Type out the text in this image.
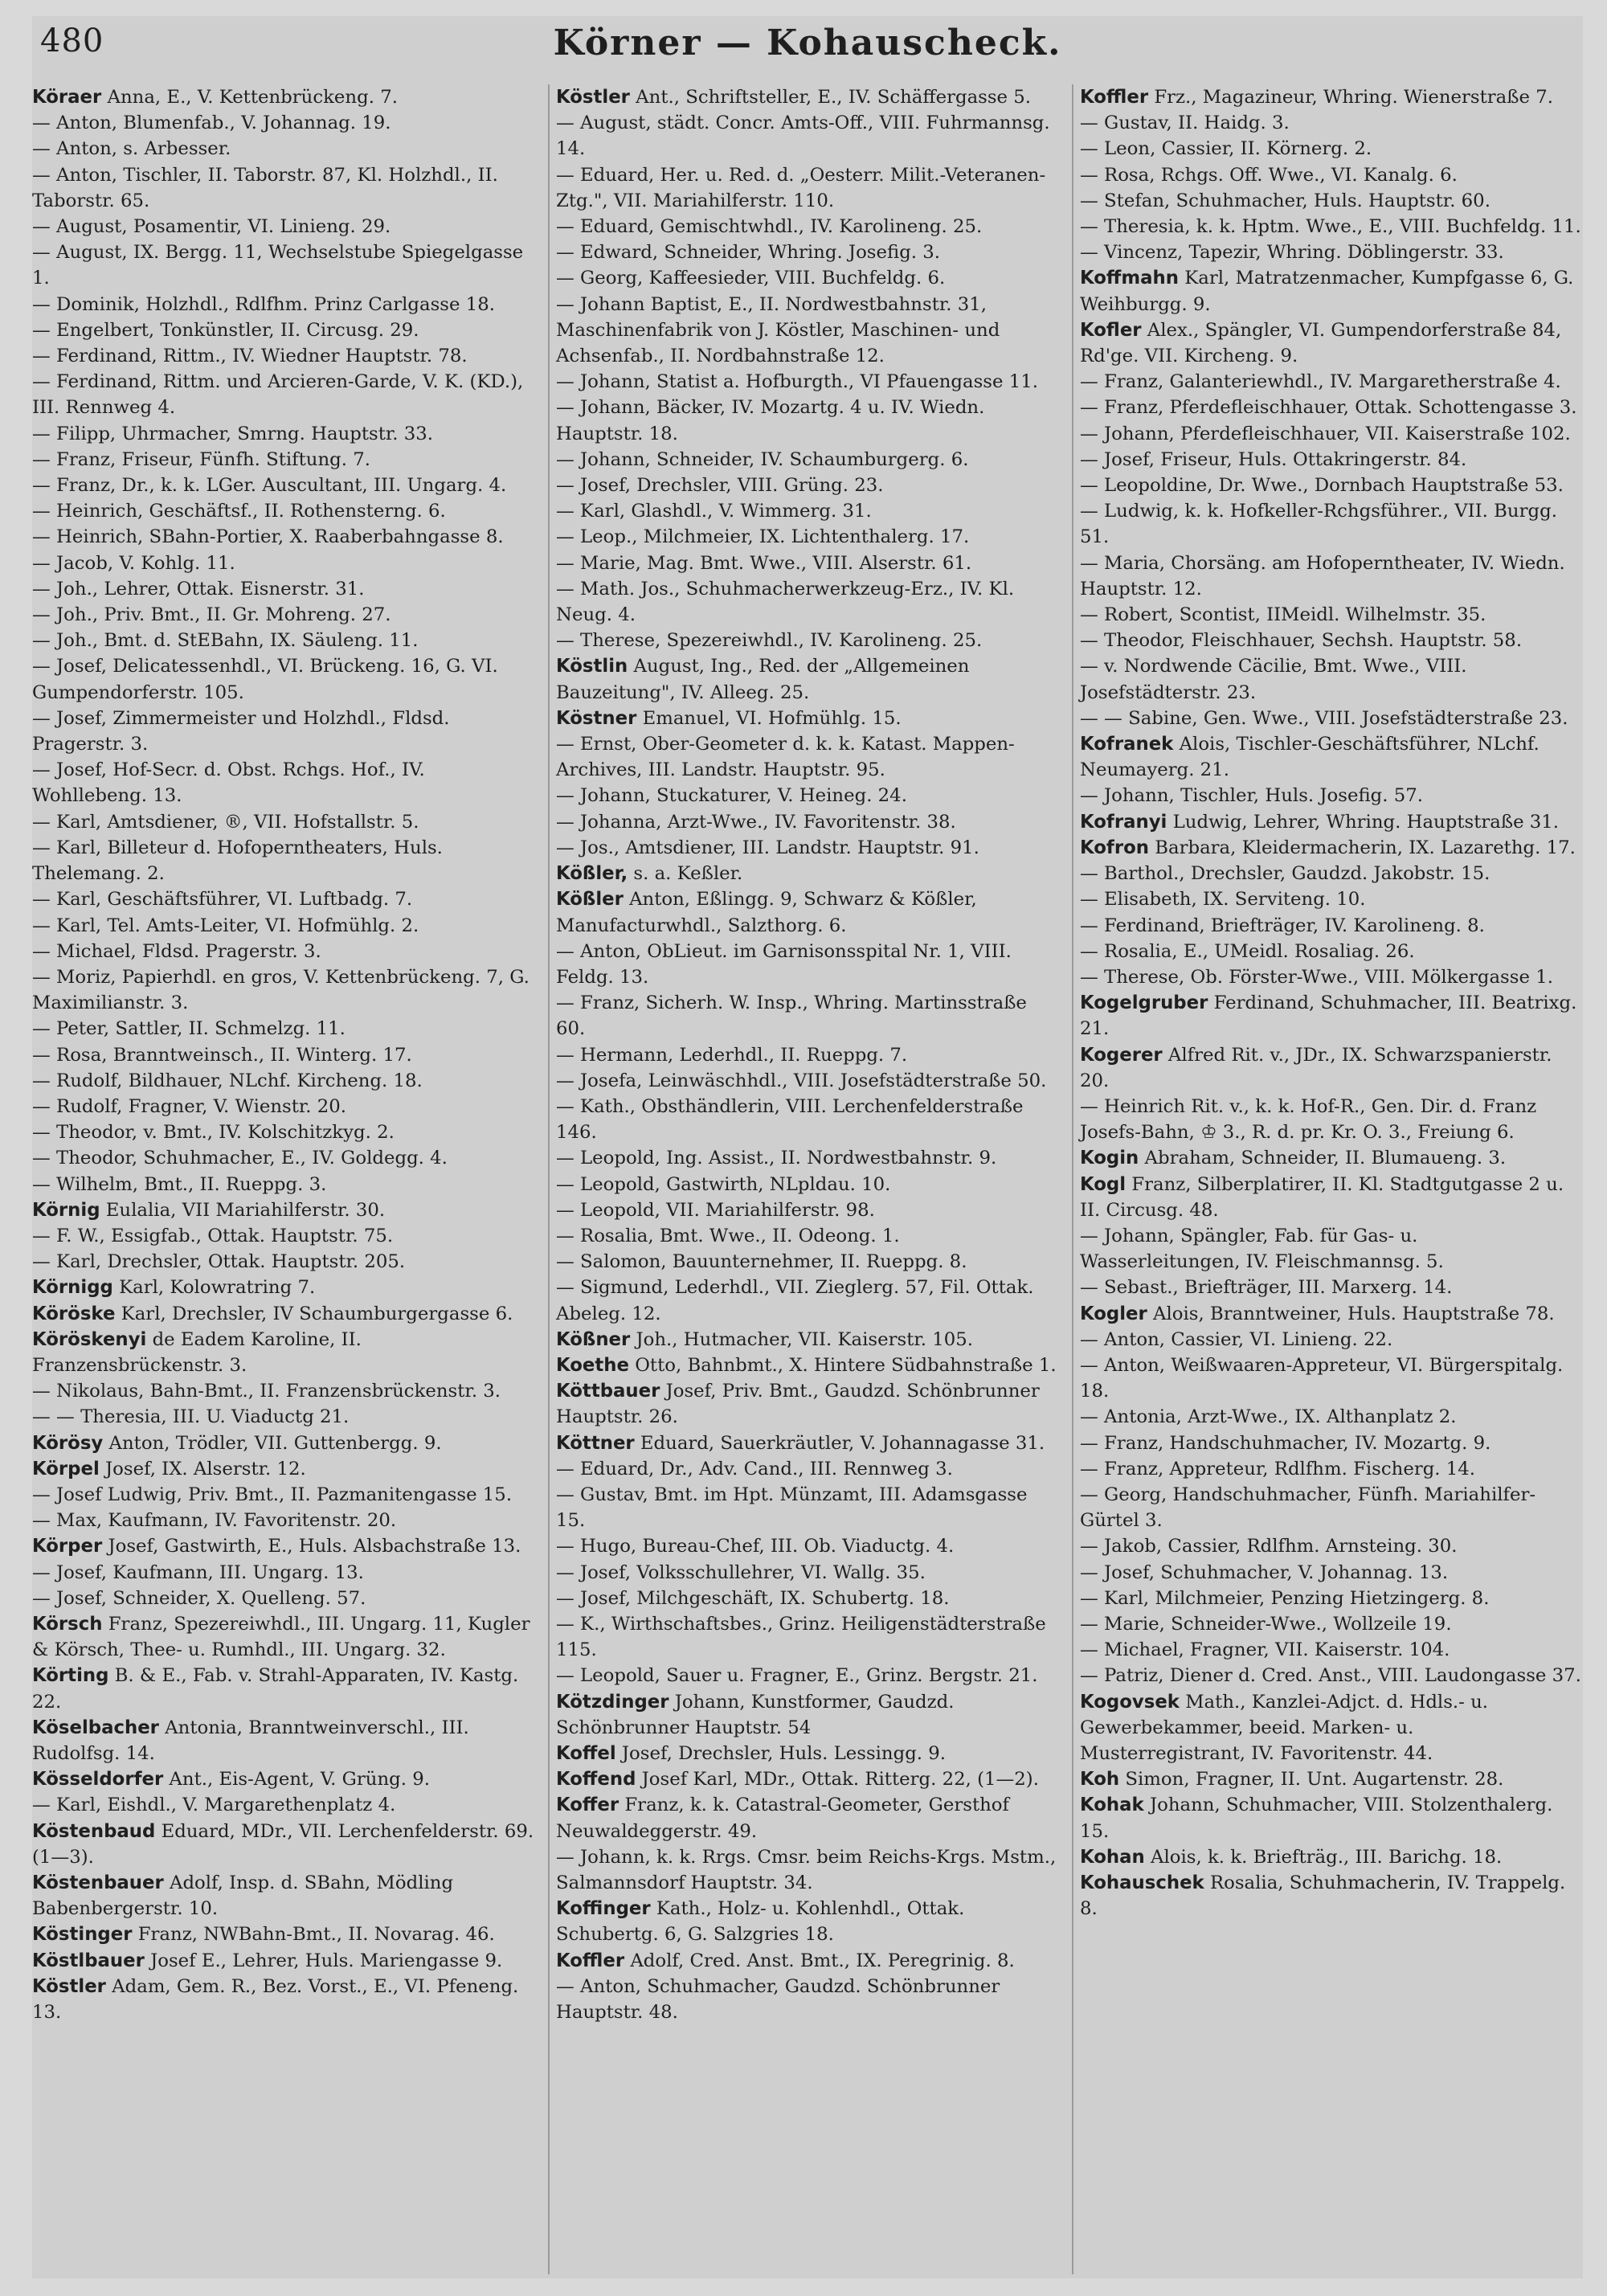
480	Körner — Kohauscheck.

Köraer Anna, E., V. Kettenbrückeng. 7.

— Anton, Blumenfab., V. Johannag. 19.

— Anton, s. Arbesser.

— Anton, Tischler, II. Taborstr. 87, Kl. Holzhdl., II. Taborstr. 65.

— August, Posamentir, VI. Linieng. 29.

— August, IX. Bergg. 11, Wechselstube Spiegelgasse 1.

— Dominik, Holzhdl., Rdlfhm. Prinz Carlgasse 18.

— Engelbert, Tonkünstler, II. Circusg. 29.

— Ferdinand, Rittm., IV. Wiedner Hauptstr. 78.

— Ferdinand, Rittm. und Arcieren-Garde, V. K. (KD.), III. Rennweg 4.

— Filipp, Uhrmacher, Smrng. Hauptstr. 33.

— Franz, Friseur, Fünfh. Stiftung. 7.

— Franz, Dr., k. k. LGer. Auscultant, III. Ungarg. 4.

— Heinrich, Geschäftsf., II. Rothensterng. 6.

— Heinrich, SBahn-Portier, X. Raaberbahngasse 8.

— Jacob, V. Kohlg. 11.

— Joh., Lehrer, Ottak. Eisnerstr. 31.

— Joh., Priv. Bmt., II. Gr. Mohreng. 27.

— Joh., Bmt. d. StEBahn, IX. Säuleng. 11.

— Josef, Delicatessenhdl., VI. Brückeng. 16, G. VI. Gumpendorferstr. 105.

— Josef, Zimmermeister und Holzhdl., Fldsd. Pragerstr. 3.

— Josef, Hof-Secr. d. Obst. Rchgs. Hof., IV. Wohllebeng. 13.

— Karl, Amtsdiener, ®, VII. Hofstallstr. 5.

— Karl, Billeteur d. Hofoperntheaters, Huls. Thelemang. 2.

— Karl, Geschäftsführer, VI. Luftbadg. 7.

— Karl, Tel. Amts-Leiter, VI. Hofmühlg. 2.

— Michael, Fldsd. Pragerstr. 3.

— Moriz, Papierhdl. en gros, V. Kettenbrückeng. 7, G. Maximilianstr. 3.

— Peter, Sattler, II. Schmelzg. 11.

— Rosa, Branntweinsch., II. Winterg. 17.

— Rudolf, Bildhauer, NLchf. Kircheng. 18.

— Rudolf, Fragner, V. Wienstr. 20.

— Theodor, v. Bmt., IV. Kolschitzkyg. 2.

— Theodor, Schuhmacher, E., IV. Goldegg. 4.

— Wilhelm, Bmt., II. Rueppg. 3.

Körnig Eulalia, VII Mariahilferstr. 30.

— F. W., Essigfab., Ottak. Hauptstr. 75.

— Karl, Drechsler, Ottak. Hauptstr. 205.

Körnigg Karl, Kolowratring 7.

Köröske Karl, Drechsler, IV Schaumburgergasse 6.

Köröskenyi de Eadem Karoline, II. Franzensbrückenstr. 3.

— Nikolaus, Bahn-Bmt., II. Franzensbrückenstr. 3.

— — Theresia, III. U. Viaductg 21.

Körösy Anton, Trödler, VII. Guttenbergg. 9.

Körpel Josef, IX. Alserstr. 12.

— Josef Ludwig, Priv. Bmt., II. Pazmanitengasse 15.

— Max, Kaufmann, IV. Favoritenstr. 20.

Körper Josef, Gastwirth, E., Huls. Alsbachstraße 13.

— Josef, Kaufmann, III. Ungarg. 13.

— Josef, Schneider, X. Quelleng. 57.

Körsch Franz, Spezereiwhdl., III. Ungarg. 11, Kugler & Körsch, Thee- u. Rumhdl., III. Ungarg. 32.

Körting B. & E., Fab. v. Strahl-Apparaten, IV. Kastg. 22.

Köselbacher Antonia, Branntweinverschl., III. Rudolfsg. 14.

Kösseldorfer Ant., Eis-Agent, V. Grüng. 9.

— Karl, Eishdl., V. Margarethenplatz 4.

Köstenbaud Eduard, MDr., VII. Lerchenfelderstr. 69. (1—3).

Köstenbauer Adolf, Insp. d. SBahn, Mödling Babenbergerstr. 10.

Köstinger Franz, NWBahn-Bmt., II. Novarag. 46.

Köstlbauer Josef E., Lehrer, Huls. Mariengasse 9.

Köstler Adam, Gem. R., Bez. Vorst., E., VI. Pfeneng. 13.

Köstler Ant., Schriftsteller, E., IV. Schäffergasse 5.

— August, städt. Concr. Amts-Off., VIII. Fuhrmannsg. 14.

— Eduard, Her. u. Red. d. „Oesterr. Milit.-Veteranen-Ztg.", VII. Mariahilferstr. 110.

— Eduard, Gemischtwhdl., IV. Karolineng. 25.

— Edward, Schneider, Whring. Josefig. 3.

— Georg, Kaffeesieder, VIII. Buchfeldg. 6.

— Johann Baptist, E., II. Nordwestbahnstr. 31, Maschinenfabrik von J. Köstler, Maschinen- und Achsenfab., II. Nordbahnstraße 12.

— Johann, Statist a. Hofburgth., VI Pfauengasse 11.

— Johann, Bäcker, IV. Mozartg. 4 u. IV. Wiedn. Hauptstr. 18.

— Johann, Schneider, IV. Schaumburgerg. 6.

— Josef, Drechsler, VIII. Grüng. 23.

— Karl, Glashdl., V. Wimmerg. 31.

— Leop., Milchmeier, IX. Lichtenthalerg. 17.

— Marie, Mag. Bmt. Wwe., VIII. Alserstr. 61.

— Math. Jos., Schuhmacherwerkzeug-Erz., IV. Kl. Neug. 4.

— Therese, Spezereiwhdl., IV. Karolineng. 25.

Köstlin August, Ing., Red. der „Allgemeinen Bauzeitung", IV. Alleeg. 25.

Köstner Emanuel, VI. Hofmühlg. 15.

— Ernst, Ober-Geometer d. k. k. Katast. Mappen-Archives, III. Landstr. Hauptstr. 95.

— Johann, Stuckaturer, V. Heineg. 24.

— Johanna, Arzt-Wwe., IV. Favoritenstr. 38.

— Jos., Amtsdiener, III. Landstr. Hauptstr. 91.

Kößler, s. a. Keßler.

Kößler Anton, Eßlingg. 9, Schwarz & Kößler, Manufacturwhdl., Salzthorg. 6.

— Anton, ObLieut. im Garnisonsspital Nr. 1, VIII. Feldg. 13.

— Franz, Sicherh. W. Insp., Whring. Martinsstraße 60.

— Hermann, Lederhdl., II. Rueppg. 7.

— Josefa, Leinwäschhdl., VIII. Josefstädterstraße 50.

— Kath., Obsthändlerin, VIII. Lerchenfelderstraße 146.

— Leopold, Ing. Assist., II. Nordwestbahnstr. 9.

— Leopold, Gastwirth, NLpldau. 10.

— Leopold, VII. Mariahilferstr. 98.

— Rosalia, Bmt. Wwe., II. Odeong. 1.

— Salomon, Bauunternehmer, II. Rueppg. 8.

— Sigmund, Lederhdl., VII. Zieglerg. 57, Fil. Ottak. Abeleg. 12.

Kößner Joh., Hutmacher, VII. Kaiserstr. 105.

Koethe Otto, Bahnbmt., X. Hintere Südbahnstraße 1.

Köttbauer Josef, Priv. Bmt., Gaudzd. Schönbrunner Hauptstr. 26.

Köttner Eduard, Sauerkräutler, V. Johannagasse 31.

— Eduard, Dr., Adv. Cand., III. Rennweg 3.

— Gustav, Bmt. im Hpt. Münzamt, III. Adamsgasse 15.

— Hugo, Bureau-Chef, III. Ob. Viaductg. 4.

— Josef, Volksschullehrer, VI. Wallg. 35.

— Josef, Milchgeschäft, IX. Schubertg. 18.

— K., Wirthschaftsbes., Grinz. Heiligenstädterstraße 115.

— Leopold, Sauer u. Fragner, E., Grinz. Bergstr. 21.

Kötzdinger Johann, Kunstformer, Gaudzd. Schönbrunner Hauptstr. 54

Koffel Josef, Drechsler, Huls. Lessingg. 9.

Koffend Josef Karl, MDr., Ottak. Ritterg. 22, (1—2).

Koffer Franz, k. k. Catastral-Geometer, Gersthof Neuwaldeggerstr. 49.

— Johann, k. k. Rrgs. Cmsr. beim Reichs-Krgs. Mstm., Salmannsdorf Hauptstr. 34.

Koffinger Kath., Holz- u. Kohlenhdl., Ottak. Schubertg. 6, G. Salzgries 18.

Koffler Adolf, Cred. Anst. Bmt., IX. Peregrinig. 8.

— Anton, Schuhmacher, Gaudzd. Schönbrunner Hauptstr. 48.

Koffler Frz., Magazineur, Whring. Wienerstraße 7.

— Gustav, II. Haidg. 3.

— Leon, Cassier, II. Körnerg. 2.

— Rosa, Rchgs. Off. Wwe., VI. Kanalg. 6.

— Stefan, Schuhmacher, Huls. Hauptstr. 60.

— Theresia, k. k. Hptm. Wwe., E., VIII. Buchfeldg. 11.

— Vincenz, Tapezir, Whring. Döblingerstr. 33.

Koffmahn Karl, Matratzenmacher, Kumpfgasse 6, G. Weihburgg. 9.

Kofler Alex., Spängler, VI. Gumpendorferstraße 84, Rd'ge. VII. Kircheng. 9.

— Franz, Galanteriewhdl., IV. Margaretherstraße 4.

— Franz, Pferdefleischhauer, Ottak. Schottengasse 3.

— Johann, Pferdefleischhauer, VII. Kaiserstraße 102.

— Josef, Friseur, Huls. Ottakringerstr. 84.

— Leopoldine, Dr. Wwe., Dornbach Hauptstraße 53.

— Ludwig, k. k. Hofkeller-Rchgsführer., VII. Burgg. 51.

— Maria, Chorsäng. am Hofoperntheater, IV. Wiedn. Hauptstr. 12.

— Robert, Scontist, IIMeidl. Wilhelmstr. 35.

— Theodor, Fleischhauer, Sechsh. Hauptstr. 58.

— v. Nordwende Cäcilie, Bmt. Wwe., VIII. Josefstädterstr. 23.

— — Sabine, Gen. Wwe., VIII. Josefstädterstraße 23.

Kofranek Alois, Tischler-Geschäftsführer, NLchf. Neumayerg. 21.

— Johann, Tischler, Huls. Josefig. 57.

Kofranyi Ludwig, Lehrer, Whring. Hauptstraße 31.

Kofron Barbara, Kleidermacherin, IX. Lazarethg. 17.

— Barthol., Drechsler, Gaudzd. Jakobstr. 15.

— Elisabeth, IX. Serviteng. 10.

— Ferdinand, Briefträger, IV. Karolineng. 8.

— Rosalia, E., UMeidl. Rosaliag. 26.

— Therese, Ob. Förster-Wwe., VIII. Mölkergasse 1.

Kogelgruber Ferdinand, Schuhmacher, III. Beatrixg. 21.

Kogerer Alfred Rit. v., JDr., IX. Schwarzspanierstr. 20.

— Heinrich Rit. v., k. k. Hof-R., Gen. Dir. d. Franz Josefs-Bahn, ♔ 3., R. d. pr. Kr. O. 3., Freiung 6.

Kogin Abraham, Schneider, II. Blumaueng. 3.

Kogl Franz, Silberplatirer, II. Kl. Stadtgutgasse 2 u. II. Circusg. 48.

— Johann, Spängler, Fab. für Gas- u. Wasserleitungen, IV. Fleischmannsg. 5.

— Sebast., Briefträger, III. Marxerg. 14.

Kogler Alois, Branntweiner, Huls. Hauptstraße 78.

— Anton, Cassier, VI. Linieng. 22.

— Anton, Weißwaaren-Appreteur, VI. Bürgerspitalg. 18.

— Antonia, Arzt-Wwe., IX. Althanplatz 2.

— Franz, Handschuhmacher, IV. Mozartg. 9.

— Franz, Appreteur, Rdlfhm. Fischerg. 14.

— Georg, Handschuhmacher, Fünfh. Mariahilfer-Gürtel 3.

— Jakob, Cassier, Rdlfhm. Arnsteing. 30.

— Josef, Schuhmacher, V. Johannag. 13.

— Karl, Milchmeier, Penzing Hietzingerg. 8.

— Marie, Schneider-Wwe., Wollzeile 19.

— Michael, Fragner, VII. Kaiserstr. 104.

— Patriz, Diener d. Cred. Anst., VIII. Laudongasse 37.

Kogovsek Math., Kanzlei-Adjct. d. Hdls.- u. Gewerbekammer, beeid. Marken- u. Musterregistrant, IV. Favoritenstr. 44.

Koh Simon, Fragner, II. Unt. Augartenstr. 28.

Kohak Johann, Schuhmacher, VIII. Stolzenthalerg. 15.

Kohan Alois, k. k. Briefträg., III. Barichg. 18.

Kohauschek Rosalia, Schuhmacherin, IV. Trappelg. 8.
